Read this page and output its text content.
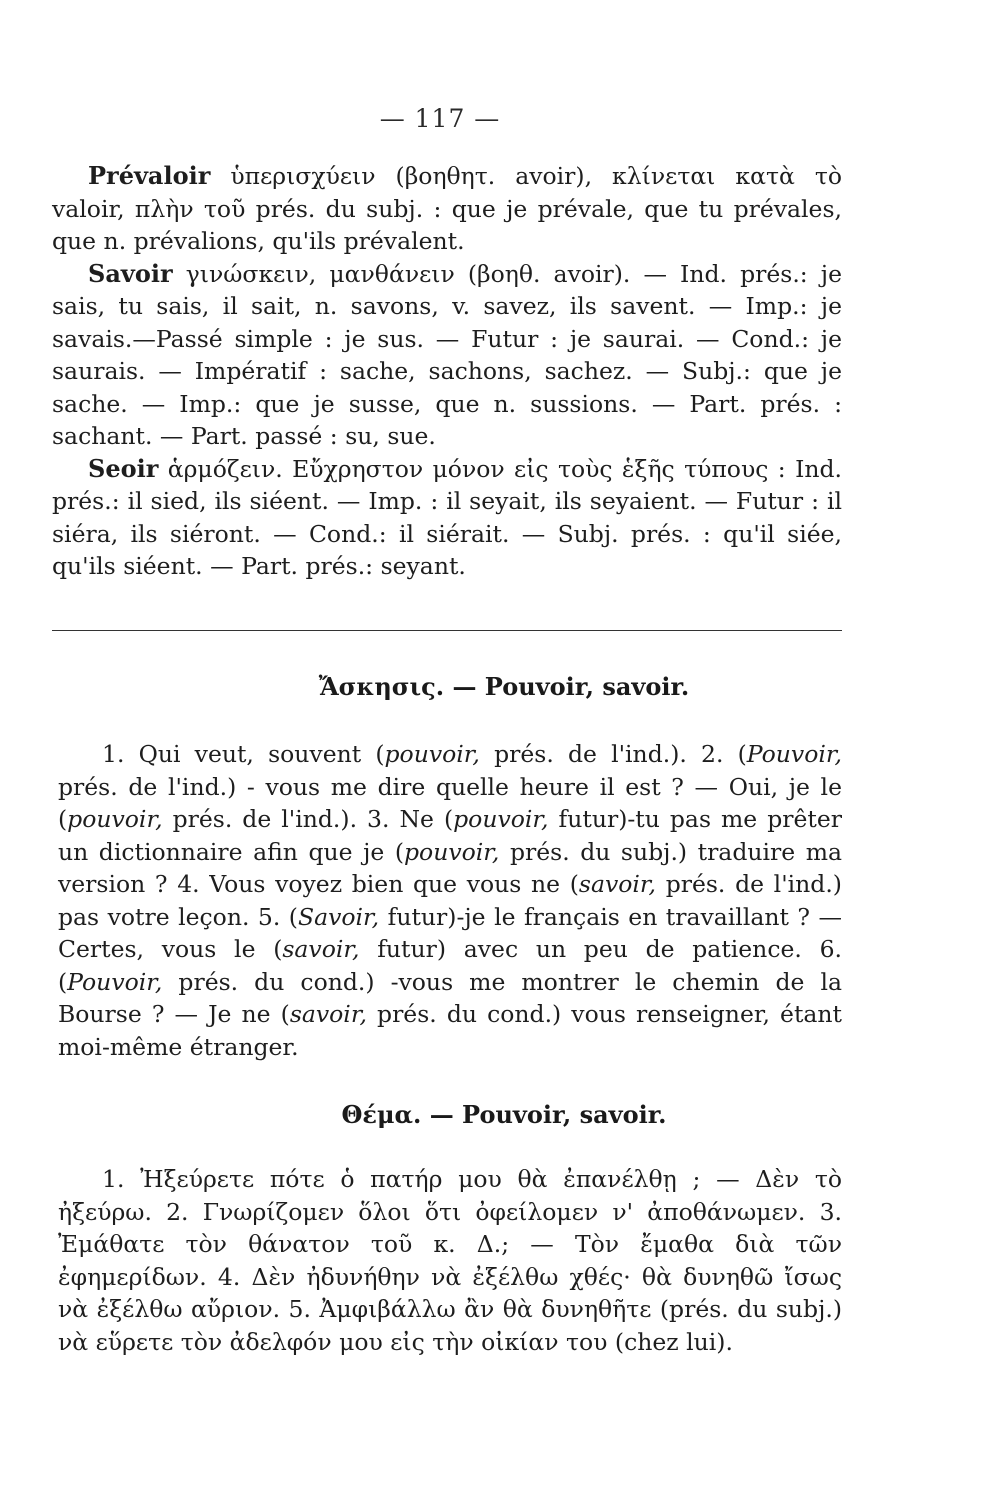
— 117 —

Prévaloir ὑπερισχύειν (βοηθητ. avoir), κλίνεται κατὰ τὸ valoir, πλὴν τοῦ prés. du subj. : que je prévale, que tu prévales, que n. prévalions, qu'ils prévalent.

Savoir γινώσκειν, μανθάνειν (βοηθ. avoir). — Ind. prés.: je sais, tu sais, il sait, n. savons, v. savez, ils savent. — Imp.: je savais.—Passé simple : je sus. — Futur : je saurai. — Cond.: je saurais. — Impératif : sache, sachons, sachez. — Subj.: que je sache. — Imp.: que je susse, que n. sussions. — Part. prés. : sachant. — Part. passé : su, sue.

Seoir ἁρμόζειν. Εὔχρηστον μόνον εἰς τοὺς ἑξῆς τύπους : Ind. prés.: il sied, ils siéent. — Imp. : il seyait, ils seyaient. — Futur : il siéra, ils siéront. — Cond.: il siérait. — Subj. prés. : qu'il siée, qu'ils siéent. — Part. prés.: seyant.

Ἄσκησις. — Pouvoir, savoir.

1. Qui veut, souvent (pouvoir, prés. de l'ind.). 2. (Pouvoir, prés. de l'ind.) - vous me dire quelle heure il est ? — Oui, je le (pouvoir, prés. de l'ind.). 3. Ne (pouvoir, futur)-tu pas me prêter un dictionnaire afin que je (pouvoir, prés. du subj.) traduire ma version ? 4. Vous voyez bien que vous ne (savoir, prés. de l'ind.) pas votre leçon. 5. (Savoir, futur)-je le français en travaillant ? — Certes, vous le (savoir, futur) avec un peu de patience. 6. (Pouvoir, prés. du cond.) -vous me montrer le chemin de la Bourse ? — Je ne (savoir, prés. du cond.) vous renseigner, étant moi-même étranger.

Θέμα. — Pouvoir, savoir.

1. Ἠξεύρετε πότε ὁ πατήρ μου θὰ ἐπανέλθῃ ; — Δὲν τὸ ἠξεύρω. 2. Γνωρίζομεν ὅλοι ὅτι ὀφείλομεν ν' ἀποθάνωμεν. 3. Ἐμάθατε τὸν θάνατον τοῦ κ. Δ.; — Τὸν ἔμαθα διὰ τῶν ἐφημερίδων. 4. Δὲν ἠδυνήθην νὰ ἐξέλθω χθές· θὰ δυνηθῶ ἴσως νὰ ἐξέλθω αὔριον. 5. Ἀμφιβάλλω ἂν θὰ δυνηθῆτε (prés. du subj.) νὰ εὕρετε τὸν ἀδελφόν μου εἰς τὴν οἰκίαν του (chez lui).
